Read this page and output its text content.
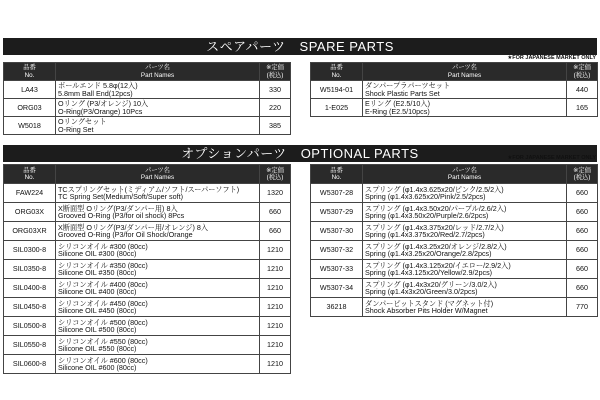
スペアパーツ SPARE PARTS
★FOR JAPANESE MARKET ONLY
品番
No.	パーツ名
Part Names	※定価
(税込)

LA43	ボールエンド 5.8φ(12入)
5.8mm Ball End(12pcs)	330
ORG03	Oリング (P3/オレンジ) 10入
O-Ring(P3/Orange) 10Pcs	220
W5018	Oリングセット
O-Ring Set	385
品番
No.	パーツ名
Part Names	※定価
(税込)

W5194-01	ダンパープラパーツセット
Shock Plastic Parts Set	440
1-E025	Eリング (E2.5/10入)
E-Ring (E2.5/10pcs)	165
オプションパーツ OPTIONAL PARTS	★FOR JAPANESE MARKET ONLY
品番
No.	パーツ名
Part Names	※定価
(税込)

FAW224	TCスプリングセット(ミディアム/ソフト/スーパーソフト)
TC Spring Set(Medium/Soft/Super soft)	1320
ORG03X	X断面型 Oリング(P3/ダンパー用) 8入
Grooved O-Ring (P3/for oil shock) 8Pcs	660
ORG03XR	X断面型 Oリング(P3/ダンパー用/オレンジ) 8入
Grooved O-Ring (P3/for Oil Shock/Orange	660
SIL0300-8	シリコンオイル #300 (80cc)
Silicone OIL #300 (80cc)	1210
SIL0350-8	シリコンオイル #350 (80cc)
Silicone OIL #350 (80cc)	1210
SIL0400-8	シリコンオイル #400 (80cc)
Silicone OIL #400 (80cc)	1210
SIL0450-8	シリコンオイル #450 (80cc)
Silicone OIL #450 (80cc)	1210
SIL0500-8	シリコンオイル #500 (80cc)
Silicone OIL #500 (80cc)	1210
SIL0550-8	シリコンオイル #550 (80cc)
Silicone OIL #550 (80cc)	1210
SIL0600-8	シリコンオイル #600 (80cc)
Silicone OIL #600 (80cc)	1210
品番
No.	パーツ名
Part Names	※定価
(税込)

W5307-28	スプリング (φ1.4x3.625x20/ピンク/2.5/2入)
Spring (φ1.4x3.625x20/Pink/2.5/2pcs)	660
W5307-29	スプリング (φ1.4x3.50x20/パープル/2.6/2入)
Spring (φ1.4x3.50x20/Purple/2.6/2pcs)	660
W5307-30	スプリング (φ1.4x3.375x20/レッド/2.7/2入)
Spring (φ1.4x3.375x20/Red/2.7/2pcs)	660
W5307-32	スプリング (φ1.4x3.25x20/オレンジ/2.8/2入)
Spring (φ1.4x3.25x20/Orange/2.8/2pcs)	660
W5307-33	スプリング (φ1.4x3.125x20/イエロー/2.9/2入)
Spring (φ1.4x3.125x20/Yellow/2.9/2pcs)	660
W5307-34	スプリング (φ1.4x3x20/グリーン/3.0/2入)
Spring (φ1.4x3x20/Green/3.0/2pcs)	660
36218	ダンパーピットスタンド (マグネット付)
Shock Absorber Pits Holder W/Magnet	770
